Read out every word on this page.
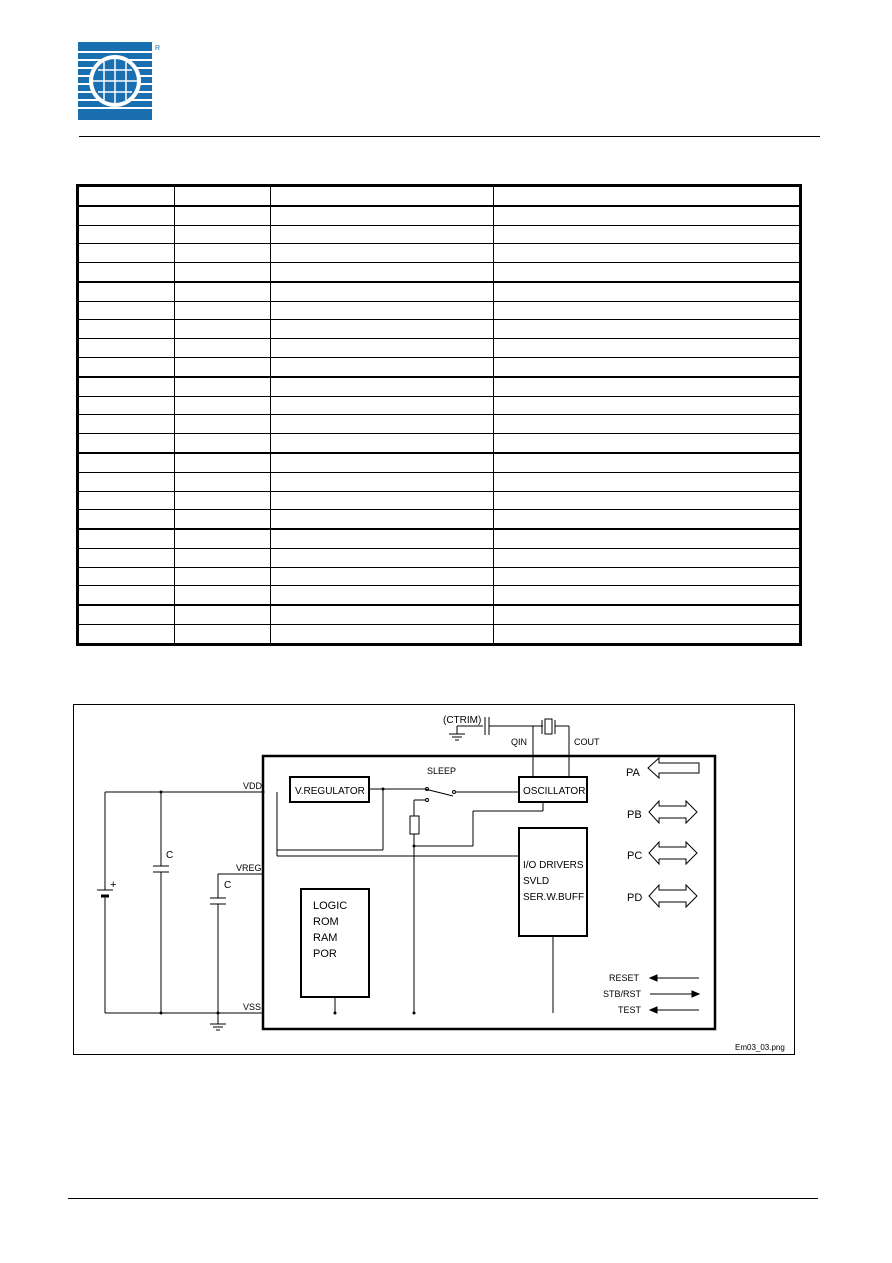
R

(CTRIM)
QIN	COUT
V.REGULATOR	OSCILLATOR
LOGIC
ROM
RAM
POR
I/O DRIVERS
SVLD
SER.W.BUFF
SLEEP
+
C
C
VDD
VREG
VSS
PA
PB
PC
PD
RESET
STB/RST
TEST
Em03_03.png
